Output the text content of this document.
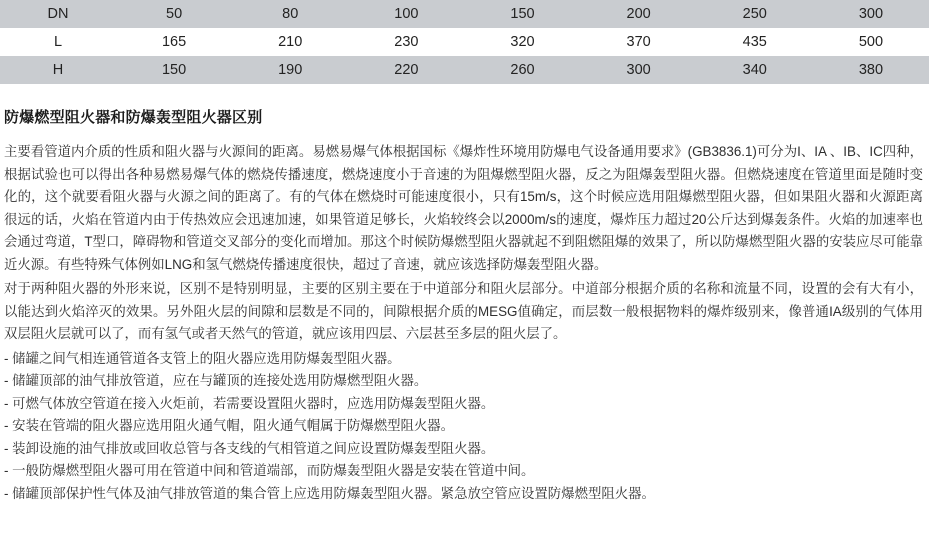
DN	50	80	100	150	200	250	300
L	165	210	230	320	370	435	500
H	150	190	220	260	300	340	380
防爆燃型阻火器和防爆轰型阻火器区别

主要看管道内介质的性质和阻火器与火源间的距离。易燃易爆气体根据国标《爆炸性环境用防爆电气设备通用要求》(GB3836.1)可分为I、IA 、IB、IC四种，根据试验也可以得出各种易燃易爆气体的燃烧传播速度，燃烧速度小于音速的为阻爆燃型阻火器，反之为阻爆轰型阻火器。但燃烧速度在管道里面是随时变化的，这个就要看阻火器与火源之间的距离了。有的气体在燃烧时可能速度很小，只有15m/s，这个时候应选用阻爆燃型阻火器，但如果阻火器和火源距离很远的话，火焰在管道内由于传热效应会迅速加速，如果管道足够长，火焰较终会以2000m/s的速度，爆炸压力超过20公斤达到爆轰条件。火焰的加速率也会通过弯道，T型口，障碍物和管道交叉部分的变化而增加。那这个时候防爆燃型阻火器就起不到阻燃阻爆的效果了，所以防爆燃型阻火器的安装应尽可能靠近火源。有些特殊气体例如LNG和氢气燃烧传播速度很快，超过了音速，就应该选择防爆轰型阻火器。

对于两种阻火器的外形来说，区别不是特别明显，主要的区别主要在于中道部分和阻火层部分。中道部分根据介质的名称和流量不同，设置的会有大有小，以能达到火焰淬灭的效果。另外阻火层的间隙和层数是不同的，间隙根据介质的MESG值确定，而层数一般根据物料的爆炸级别来，像普通IA级别的气体用双层阻火层就可以了，而有氢气或者天然气的管道，就应该用四层、六层甚至多层的阻火层了。

- 储罐之间气相连通管道各支管上的阻火器应选用防爆轰型阻火器。
- 储罐顶部的油气排放管道，应在与罐顶的连接处选用防爆燃型阻火器。
- 可燃气体放空管道在接入火炬前，若需要设置阻火器时，应选用防爆轰型阻火器。
- 安装在管端的阻火器应选用阻火通气帽，阻火通气帽属于防爆燃型阻火器。
- 装卸设施的油气排放或回收总管与各支线的气相管道之间应设置防爆轰型阻火器。
- 一般防爆燃型阻火器可用在管道中间和管道端部，而防爆轰型阻火器是安装在管道中间。
- 储罐顶部保护性气体及油气排放管道的集合管上应选用防爆轰型阻火器。紧急放空管应设置防爆燃型阻火器。
